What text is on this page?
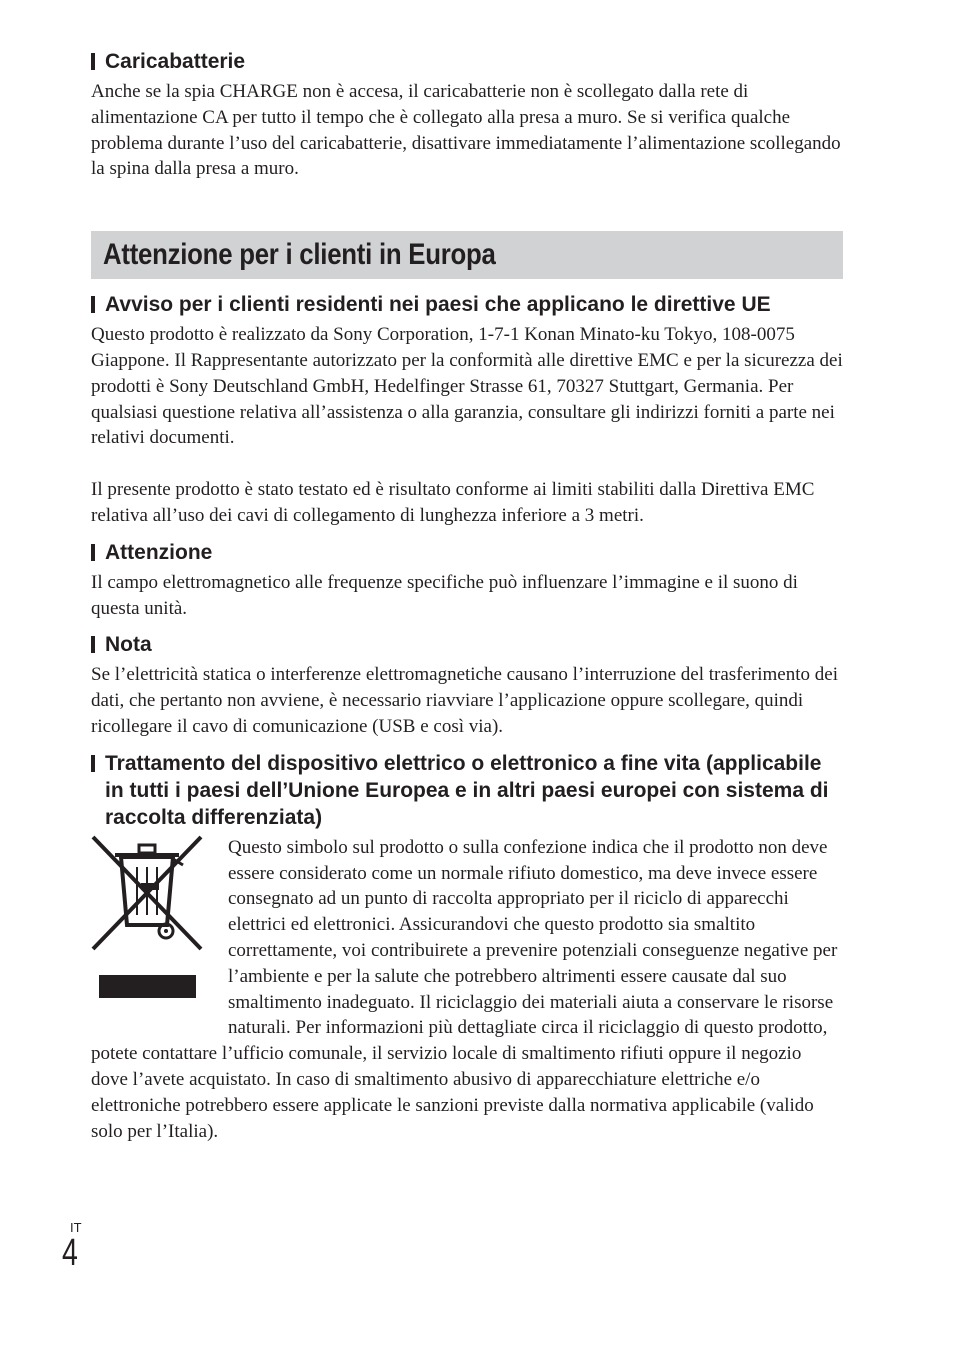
Caricabatterie

Anche se la spia CHARGE non è accesa, il caricabatterie non è scollegato dalla rete di alimentazione CA per tutto il tempo che è collegato alla presa a muro. Se si verifica qualche problema durante l’uso del caricabatterie, disattivare immediatamente l’alimentazione scollegando la spina dalla presa a muro.

Attenzione per i clienti in Europa
Avviso per i clienti residenti nei paesi che applicano le direttive UE

Questo prodotto è realizzato da Sony Corporation, 1-7-1 Konan Minato-ku Tokyo, 108-0075 Giappone. Il Rappresentante autorizzato per la conformità alle direttive EMC e per la sicurezza dei prodotti è Sony Deutschland GmbH, Hedelfinger Strasse 61, 70327 Stuttgart, Germania. Per qualsiasi questione relativa all’assistenza o alla garanzia, consultare gli indirizzi forniti a parte nei relativi documenti.

Il presente prodotto è stato testato ed è risultato conforme ai limiti stabiliti dalla Direttiva EMC relativa all’uso dei cavi di collegamento di lunghezza inferiore a 3 metri.

Attenzione

Il campo elettromagnetico alle frequenze specifiche può influenzare l’immagine e il suono di questa unità.

Nota

Se l’elettricità statica o interferenze elettromagnetiche causano l’interruzione del trasferimento dei dati, che pertanto non avviene, è necessario riavviare l’applicazione oppure scollegare, quindi ricollegare il cavo di comunicazione (USB e così via).

Trattamento del dispositivo elettrico o elettronico a fine vita (applicabile in tutti i paesi dell’Unione Europea e in altri paesi europei con sistema di raccolta differenziata)

Questo simbolo sul prodotto o sulla confezione indica che il prodotto non deve essere considerato come un normale rifiuto domestico, ma deve invece essere consegnato ad un punto di raccolta appropriato per il riciclo di apparecchi elettrici ed elettronici. Assicurandovi che questo prodotto sia smaltito correttamente, voi contribuirete a prevenire potenziali conseguenze negative per l’ambiente e per la salute che potrebbero altrimenti essere causate dal suo smaltimento inadeguato. Il riciclaggio dei materiali aiuta a conservare le risorse naturali. Per informazioni più dettagliate circa il riciclaggio di questo prodotto, potete contattare l’ufficio comunale, il servizio locale di smaltimento rifiuti oppure il negozio dove l’avete acquistato. In caso di smaltimento abusivo di apparecchiature elettriche e/o elettroniche potrebbero essere applicate le sanzioni previste dalla normativa applicabile (valido solo per l’Italia).

IT
4
